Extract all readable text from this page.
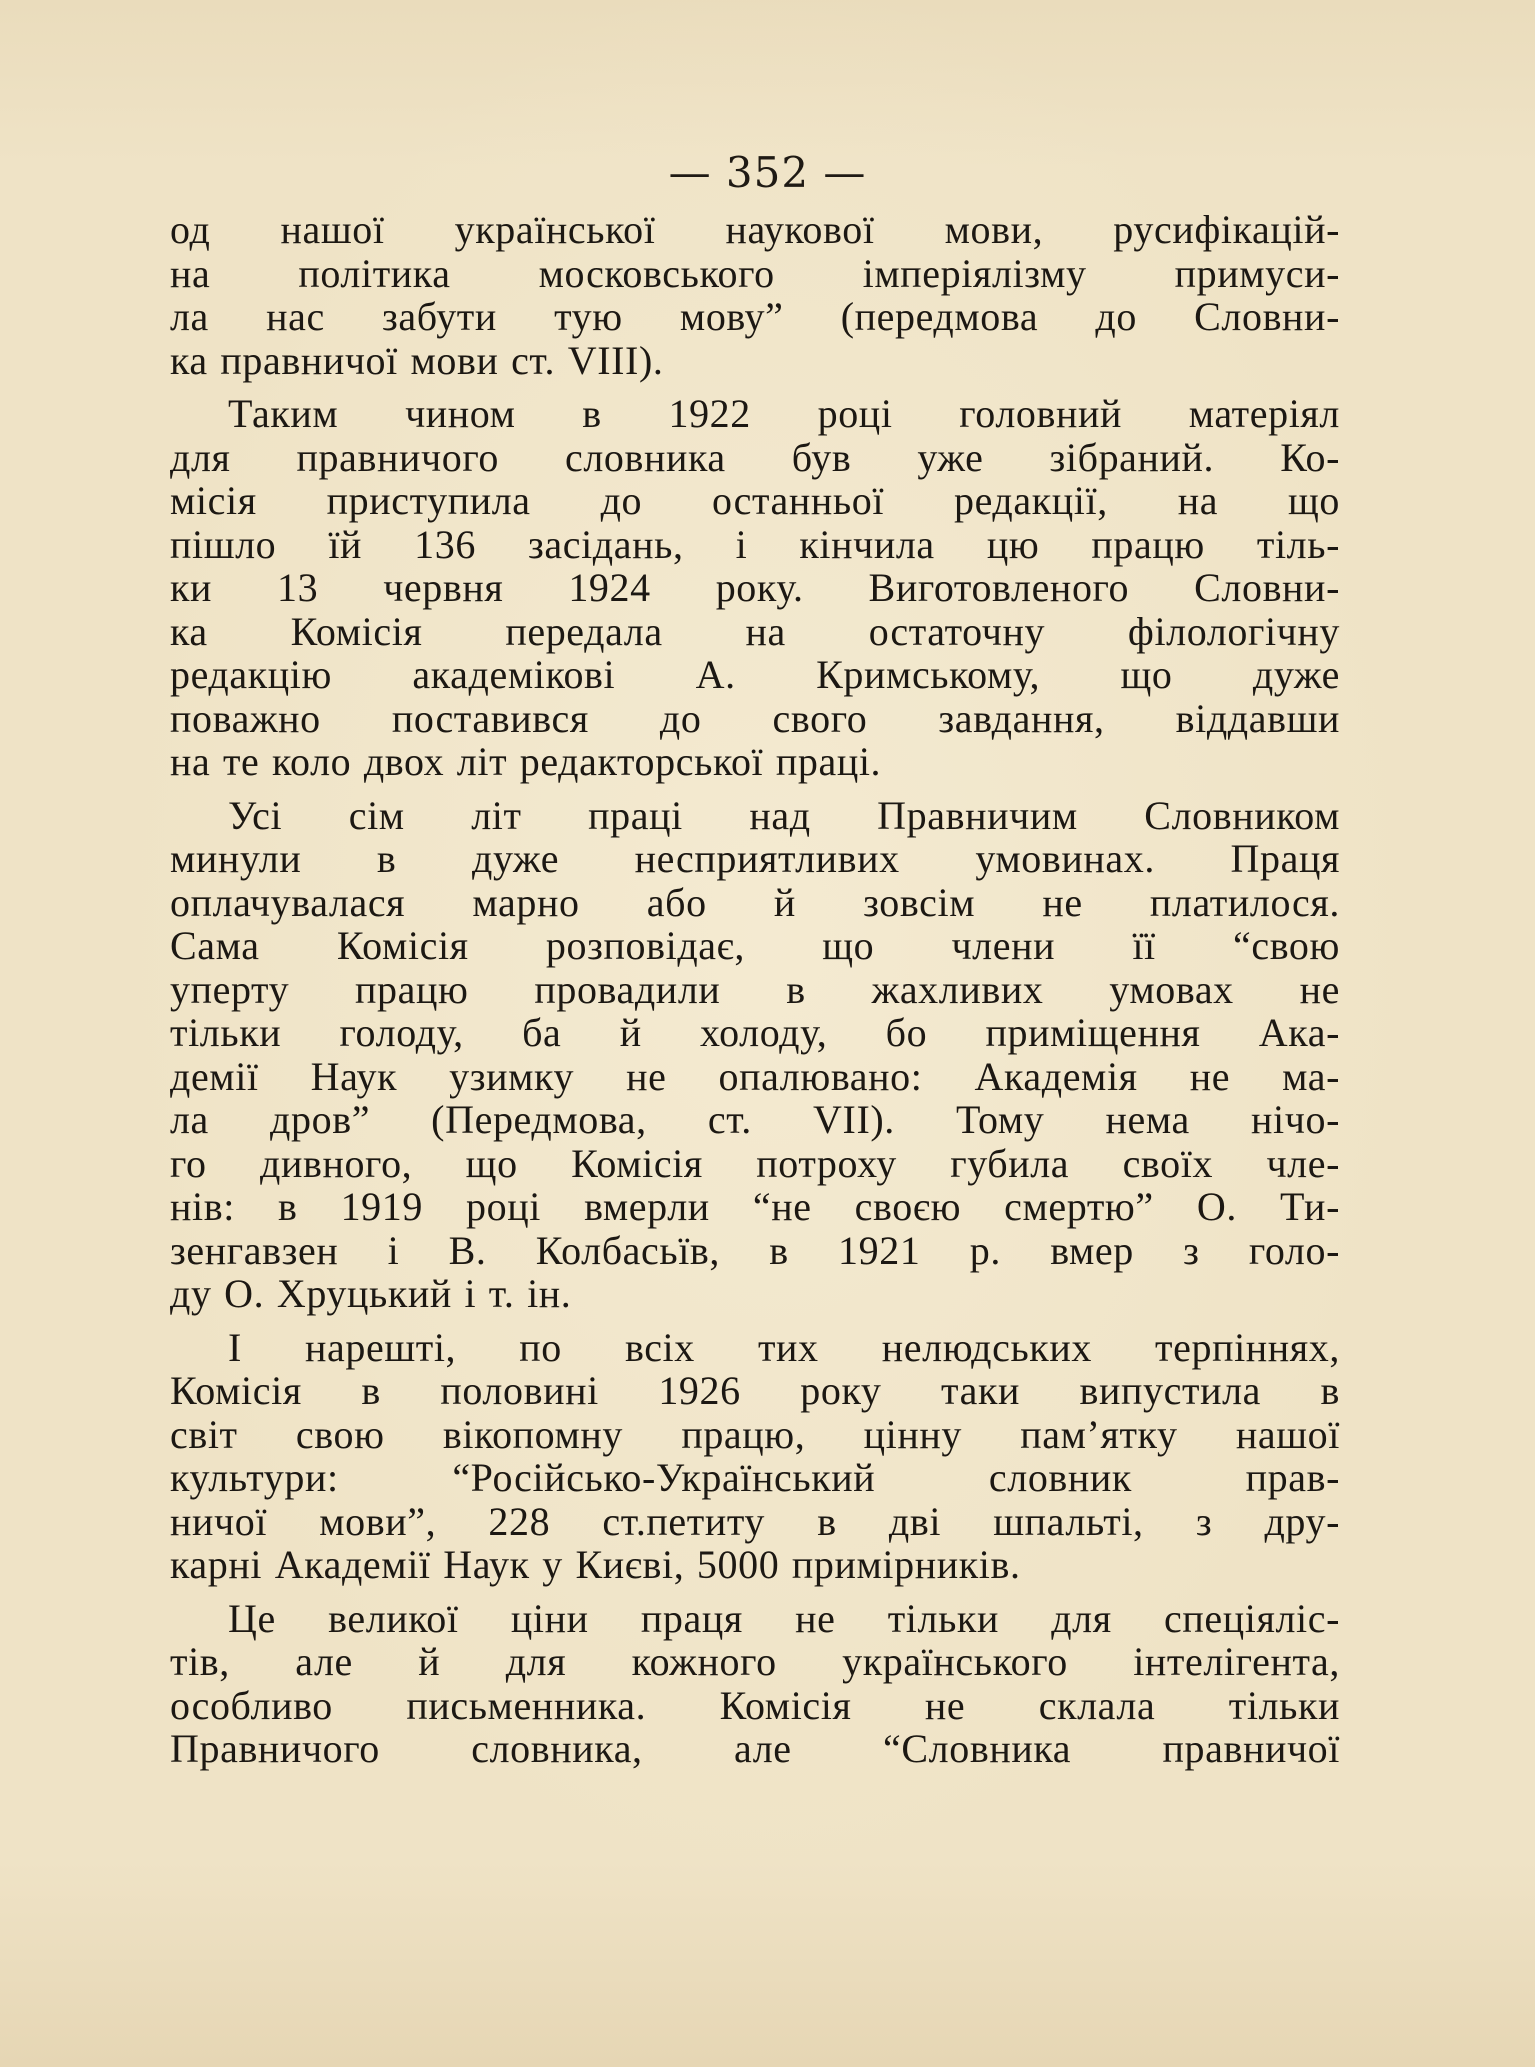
— 352 —
од нашої української наукової мови, русифікацій-
на політика московського імперіялізму примуси-
ла нас забути тую мову” (передмова до Словни-
ка правничої мови ст. VIII).
Таким чином в 1922 році головний матеріял
для правничого словника був уже зібраний. Ко-
місія приступила до останньої редакції, на що
пішло їй 136 засідань, і кінчила цю працю тіль-
ки 13 червня 1924 року. Виготовленого Словни-
ка Комісія передала на остаточну філологічну
редакцію академікові А. Кримському, що дуже
поважно поставився до свого завдання, віддавши
на те коло двох літ редакторської праці.
Усі сім літ праці над Правничим Словником
минули в дуже несприятливих умовинах. Праця
оплачувалася марно або й зовсім не платилося.
Сама Комісія розповідає, що члени її “свою
уперту працю провадили в жахливих умовах не
тільки голоду, ба й холоду, бо приміщення Ака-
демії Наук узимку не опалювано: Академія не ма-
ла дров” (Передмова, ст. VII). Тому нема нічо-
го дивного, що Комісія потроху губила своїх чле-
нів: в 1919 році вмерли “не своєю смертю” О. Ти-
зенгавзен і В. Колбасьїв, в 1921 р. вмер з голо-
ду О. Хруцький і т. ін.
І нарешті, по всіх тих нелюдських терпіннях,
Комісія в половині 1926 року таки випустила в
світ свою вікопомну працю, цінну пам’ятку нашої
культури: “Російсько-Український словник прав-
ничої мови”, 228 ст.петиту в дві шпальті, з дру-
карні Академії Наук у Києві, 5000 примірників.
Це великої ціни праця не тільки для спеціяліс-
тів, але й для кожного українського інтелігента,
особливо письменника. Комісія не склала тільки
Правничого словника, але “Словника правничої
